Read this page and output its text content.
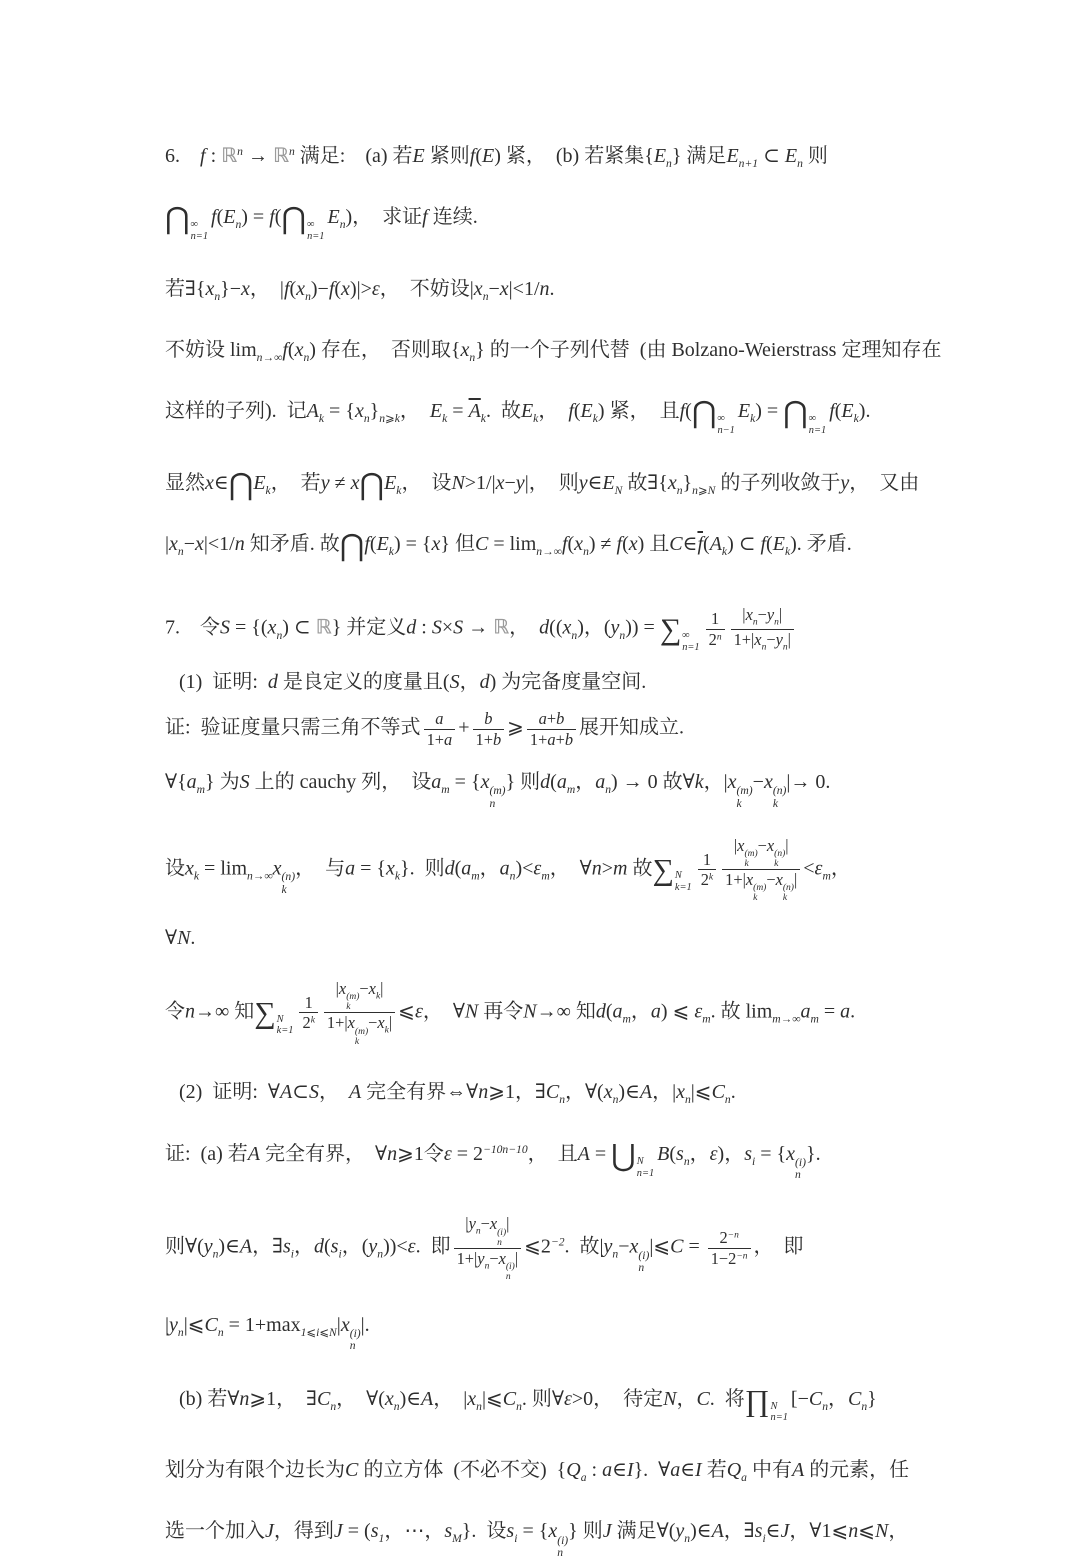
6.　f : ℝ$^n$ → ℝ$^n$ 满足:　(a) 若E 紧则f(E) 紧，　(b) 若紧集$\{E_n\}$ 满足$E_{n+1}$ ⊂ $E_n$ 则
⋂ ∞
n=1
$f(E_n)$ = f(⋂ ∞
n=1
$E_n$)， 求证f 连续.
若$\exists\{x_n\}-x$， $|f(x_n)-f(x)|>\varepsilon$， 不妨设$|x_n-x|<1/n$.
不妨设 $\lim_{n\to\infty}f(x_n)$ 存在， 否则取$\{x_n\}$ 的一个子列代替 (由 Bolzano-Weierstrass 定理知存在
这样的子列). 记$A_k = \{x_n\}_{n⩾k}$， $E_k = \overline{A}_k$. 故$E_k$， $f(E_k)$ 紧， 且f(⋂ ∞
n−1
$E_k$) = ⋂ ∞
n=1
$f(E_k)$.
显然$x\in⋂E_k$， 若$y \ne x⋂E_k$， 设N>1/|x−y|， 则$y\in E_N$ 故$\exists\{x_n\}_{n⩾N}$ 的子列收敛于y， 又由
$|x_n-x|<1/n$ 知矛盾. 故$⋂f(E_k) = \{x\}$ 但$C = \lim_{n\to\infty}f(x_n) \ne f(x)$ 且$C\in\overline{f}(A_k)$ ⊂ $f(E_k)$. 矛盾.
7.　令$S = \{(x_n)$ ⊂ ℝ} 并定义d : S×S → ℝ， $d((x_n)$，$(y_n)$) = ∑ ∞
$n=1 \frac{1}{2^n} \frac{|x_n-y_n|}{1+|x_n-y_n|}$
(1) 证明: d 是良定义的度量且(S，d) 为完备度量空间.
证: 验证度量只需三角不等式 $\frac{a}{1+a} + \frac{b}{1+b}$ ⩾ $\frac{a+b}{1+a+b}$ 展开知成立.
$\forall\{a_m\}$ 为S 上的 cauchy 列， 设$a_m = \{x$ (m)
n
} 则$d(a_m$，$a_n) \to 0$ 故∀k，|x (m)
k
−x (n)
k
|→ 0.
设$x_k = \lim_{n\to\infty}x$ (n)
k
， 与$a = \{x_k\}$. 则$d(a_m$，$a_n)<\varepsilon_m$， ∀n>m 故∑ N
$k=1 \frac{1}{2^k} |x$ (m)
k
−x (n)
k
|
1+|x (m)
k
−x (n)
k
| $<\varepsilon_m$，
∀N.
令n→∞ 知∑ N
$k=1 \frac{1}{2^k} |x$ (m)
k
$-x_k|$
1+|x (m)
k
$-x_k|$ ⩽ε， ∀N 再令N→∞ 知$d(a_m$，a) ⩽ $\varepsilon_m$. 故 $\lim_{m\to\infty}a_m = a$.
(2) 证明: ∀A⊂S， A 完全有界⇔∀n⩾1，$\exists C_n$，$\forall(x_n)\in A$，$|x_n|⩽C_n$.
证: (a) 若A 完全有界， ∀n⩾1令$\varepsilon = 2^{-10n-10}$， 且A = ⋃ N
n=1
$B(s_n$，ε)，$s_i = \{x$ (i)
n
}.
则$\forall(y_n)\in A$，$\exists s_i$，$d(s_i$，$(y_n))<\varepsilon$. 即 $|y_n-x$ (i)
n
|
$1+|y_n-x$ (i)
n
| $⩽2^{-2}$. 故$|y_n-x$ (i)
n
|⩽C = $\frac{2^{-n}}{1-2^{-n}}$ ， 即
$|y_n|⩽C_n = 1+\max_{1⩽i⩽N}|x$ (i)
n
|.
(b) 若∀n⩾1， $\exists C_n$， $\forall(x_n)\in A$， $|x_n|⩽C_n$. 则∀ε>0， 待定N，C. 将∏ N
n=1
[$-C_n$，$C_n$}
划分为有限个边长为C 的立方体 (不必不交) {$Q_a$ : a∈I}. ∀a∈I 若$Q_a$ 中有A 的元素，任
选一个加入J，得到$J = (s_1$，⋯，$s_M$}. 设$s_i = \{x$ (i)
n
} 则J 满足$\forall(y_n)\in A$，$\exists s_i\in J$，∀1⩽n⩽N，
